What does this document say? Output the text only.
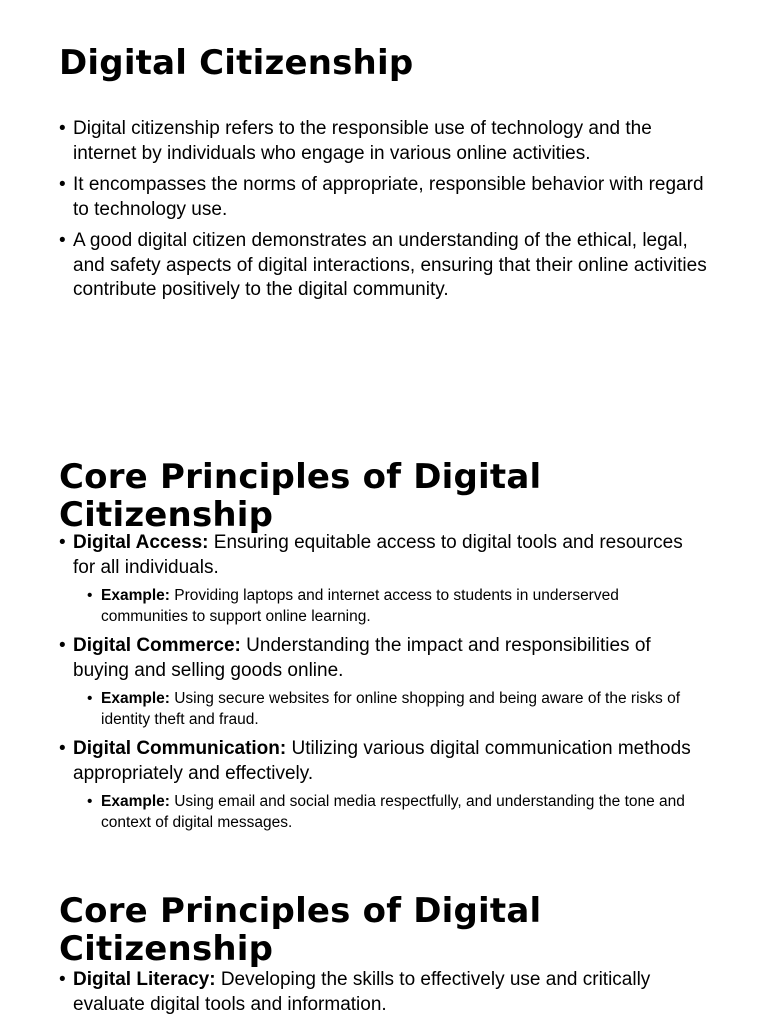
Digital Citizenship
• Digital citizenship refers to the responsible use of technology and the internet by individuals who engage in various online activities.
• It encompasses the norms of appropriate, responsible behavior with regard to technology use.
• A good digital citizen demonstrates an understanding of the ethical, legal, and safety aspects of digital interactions, ensuring that their online activities contribute positively to the digital community.
Core Principles of Digital Citizenship
• Digital Access: Ensuring equitable access to digital tools and resources for all individuals.
• Example: Providing laptops and internet access to students in underserved communities to support online learning.
• Digital Commerce: Understanding the impact and responsibilities of buying and selling goods online.
• Example: Using secure websites for online shopping and being aware of the risks of identity theft and fraud.
• Digital Communication: Utilizing various digital communication methods appropriately and effectively.
• Example: Using email and social media respectfully, and understanding the tone and context of digital messages.
Core Principles of Digital Citizenship
• Digital Literacy: Developing the skills to effectively use and critically evaluate digital tools and information.
